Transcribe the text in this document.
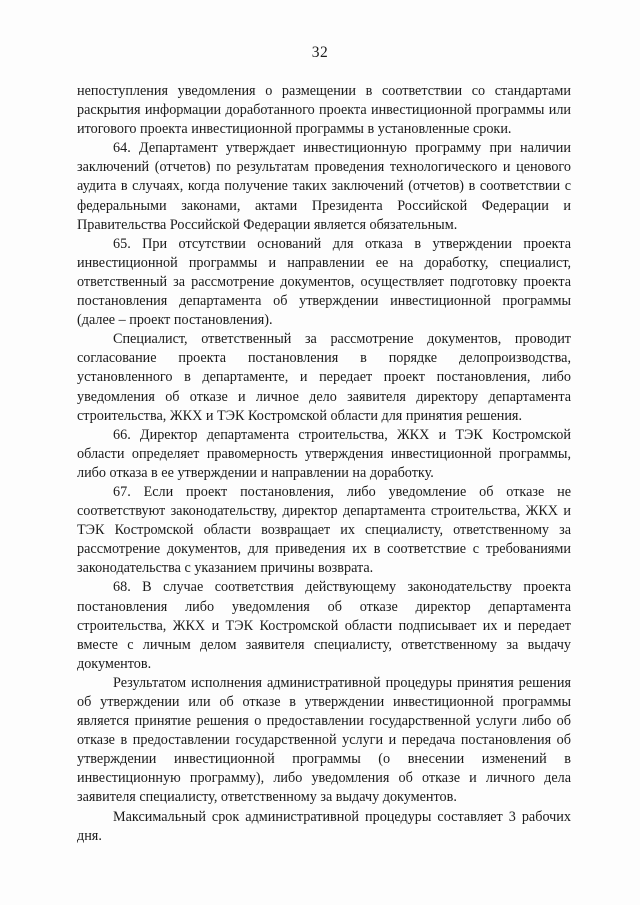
32

непоступления уведомления о размещении в соответствии со стандартами раскрытия информации доработанного проекта инвестиционной программы или итогового проекта инвестиционной программы в установленные сроки.

64. Департамент утверждает инвестиционную программу при наличии заключений (отчетов) по результатам проведения технологического и ценового аудита в случаях, когда получение таких заключений (отчетов) в соответствии с федеральными законами, актами Президента Российской Федерации и Правительства Российской Федерации является обязательным.

65. При отсутствии оснований для отказа в утверждении проекта инвестиционной программы и направлении ее на доработку, специалист, ответственный за рассмотрение документов, осуществляет подготовку проекта постановления департамента об утверждении инвестиционной программы (далее – проект постановления).

Специалист, ответственный за рассмотрение документов, проводит согласование проекта постановления в порядке делопроизводства, установленного в департаменте, и передает проект постановления, либо уведомления об отказе и личное дело заявителя директору департамента строительства, ЖКХ и ТЭК Костромской области для принятия решения.

66. Директор департамента строительства, ЖКХ и ТЭК Костромской области определяет правомерность утверждения инвестиционной программы, либо отказа в ее утверждении и направлении на доработку.

67. Если проект постановления, либо уведомление об отказе не соответствуют законодательству, директор департамента строительства, ЖКХ и ТЭК Костромской области возвращает их специалисту, ответственному за рассмотрение документов, для приведения их в соответствие с требованиями законодательства с указанием причины возврата.

68. В случае соответствия действующему законодательству проекта постановления либо уведомления об отказе директор департамента строительства, ЖКХ и ТЭК Костромской области подписывает их и передает вместе с личным делом заявителя специалисту, ответственному за выдачу документов.

Результатом исполнения административной процедуры принятия решения об утверждении или об отказе в утверждении инвестиционной программы является принятие решения о предоставлении государственной услуги либо об отказе в предоставлении государственной услуги и передача постановления об утверждении инвестиционной программы (о внесении изменений в инвестиционную программу), либо уведомления об отказе и личного дела заявителя специалисту, ответственному за выдачу документов.

Максимальный срок административной процедуры составляет 3 рабочих дня.
